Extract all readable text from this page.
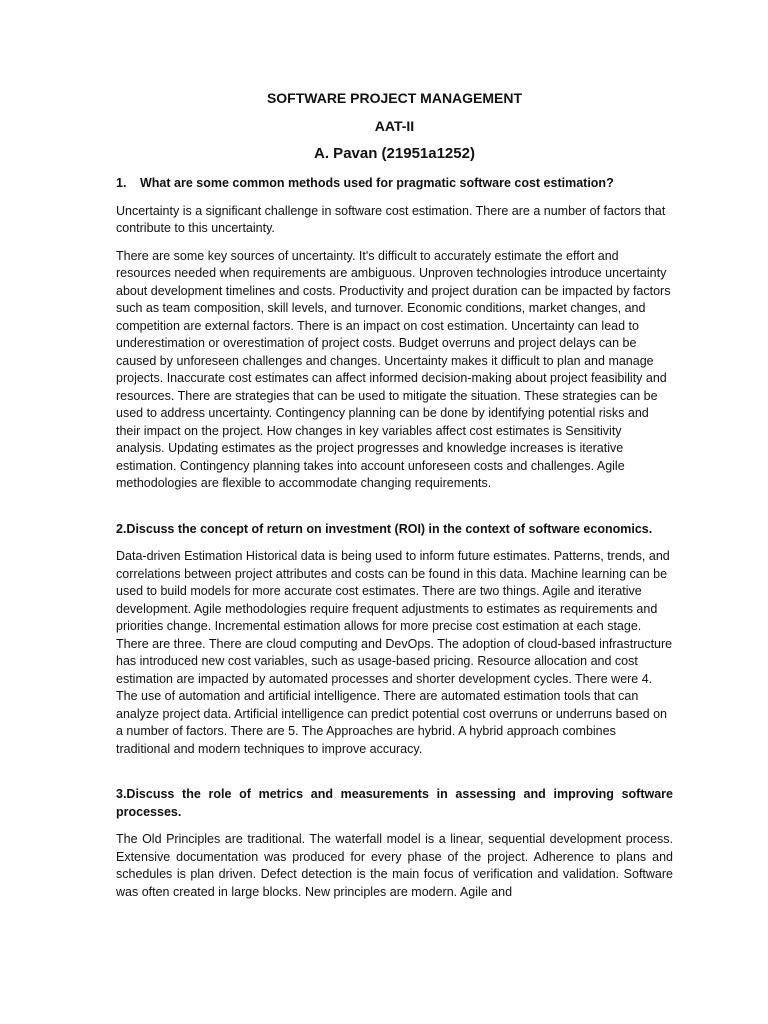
SOFTWARE PROJECT MANAGEMENT

AAT-II

A. Pavan (21951a1252)

1. What are some common methods used for pragmatic software cost estimation?

Uncertainty is a significant challenge in software cost estimation. There are a number of factors that contribute to this uncertainty.

There are some key sources of uncertainty. It's difficult to accurately estimate the effort and resources needed when requirements are ambiguous. Unproven technologies introduce uncertainty about development timelines and costs. Productivity and project duration can be impacted by factors such as team composition, skill levels, and turnover. Economic conditions, market changes, and competition are external factors. There is an impact on cost estimation. Uncertainty can lead to underestimation or overestimation of project costs. Budget overruns and project delays can be caused by unforeseen challenges and changes. Uncertainty makes it difficult to plan and manage projects. Inaccurate cost estimates can affect informed decision-making about project feasibility and resources. There are strategies that can be used to mitigate the situation. These strategies can be used to address uncertainty. Contingency planning can be done by identifying potential risks and their impact on the project. How changes in key variables affect cost estimates is Sensitivity analysis. Updating estimates as the project progresses and knowledge increases is iterative estimation. Contingency planning takes into account unforeseen costs and challenges. Agile methodologies are flexible to accommodate changing requirements.

2.Discuss the concept of return on investment (ROI) in the context of software economics.

Data-driven Estimation Historical data is being used to inform future estimates. Patterns, trends, and correlations between project attributes and costs can be found in this data. Machine learning can be used to build models for more accurate cost estimates. There are two things. Agile and iterative development. Agile methodologies require frequent adjustments to estimates as requirements and priorities change. Incremental estimation allows for more precise cost estimation at each stage. There are three. There are cloud computing and DevOps. The adoption of cloud-based infrastructure has introduced new cost variables, such as usage-based pricing. Resource allocation and cost estimation are impacted by automated processes and shorter development cycles. There were 4. The use of automation and artificial intelligence. There are automated estimation tools that can analyze project data. Artificial intelligence can predict potential cost overruns or underruns based on a number of factors. There are 5. The Approaches are hybrid. A hybrid approach combines traditional and modern techniques to improve accuracy.

3.Discuss the role of metrics and measurements in assessing and improving software processes.

The Old Principles are traditional. The waterfall model is a linear, sequential development process. Extensive documentation was produced for every phase of the project. Adherence to plans and schedules is plan driven. Defect detection is the main focus of verification and validation. Software was often created in large blocks. New principles are modern. Agile and
